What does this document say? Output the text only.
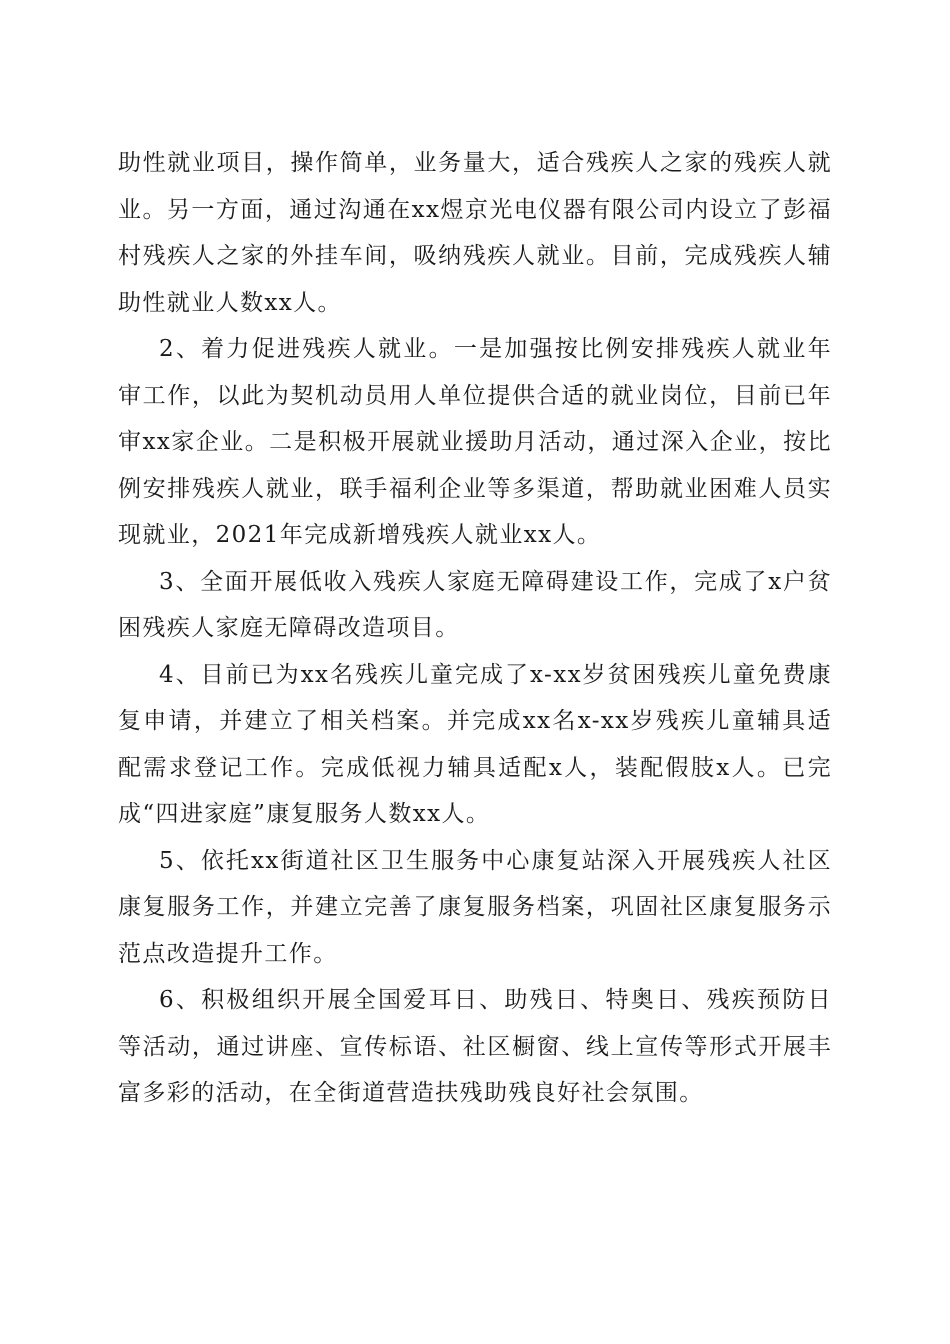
助性就业项目，操作简单，业务量大，适合残疾人之家的残疾人就业。另一方面，通过沟通在xx煜京光电仪器有限公司内设立了彭福村残疾人之家的外挂车间，吸纳残疾人就业。目前，完成残疾人辅助性就业人数xx人。

2、着力促进残疾人就业。一是加强按比例安排残疾人就业年审工作，以此为契机动员用人单位提供合适的就业岗位，目前已年审xx家企业。二是积极开展就业援助月活动，通过深入企业，按比例安排残疾人就业，联手福利企业等多渠道，帮助就业困难人员实现就业，2021年完成新增残疾人就业xx人。

3、全面开展低收入残疾人家庭无障碍建设工作，完成了x户贫困残疾人家庭无障碍改造项目。

4、目前已为xx名残疾儿童完成了x-xx岁贫困残疾儿童免费康复申请，并建立了相关档案。并完成xx名x-xx岁残疾儿童辅具适配需求登记工作。完成低视力辅具适配x人，装配假肢x人。已完成“四进家庭”康复服务人数xx人。

5、依托xx街道社区卫生服务中心康复站深入开展残疾人社区康复服务工作，并建立完善了康复服务档案，巩固社区康复服务示范点改造提升工作。

6、积极组织开展全国爱耳日、助残日、特奥日、残疾预防日等活动，通过讲座、宣传标语、社区橱窗、线上宣传等形式开展丰富多彩的活动，在全街道营造扶残助残良好社会氛围。
